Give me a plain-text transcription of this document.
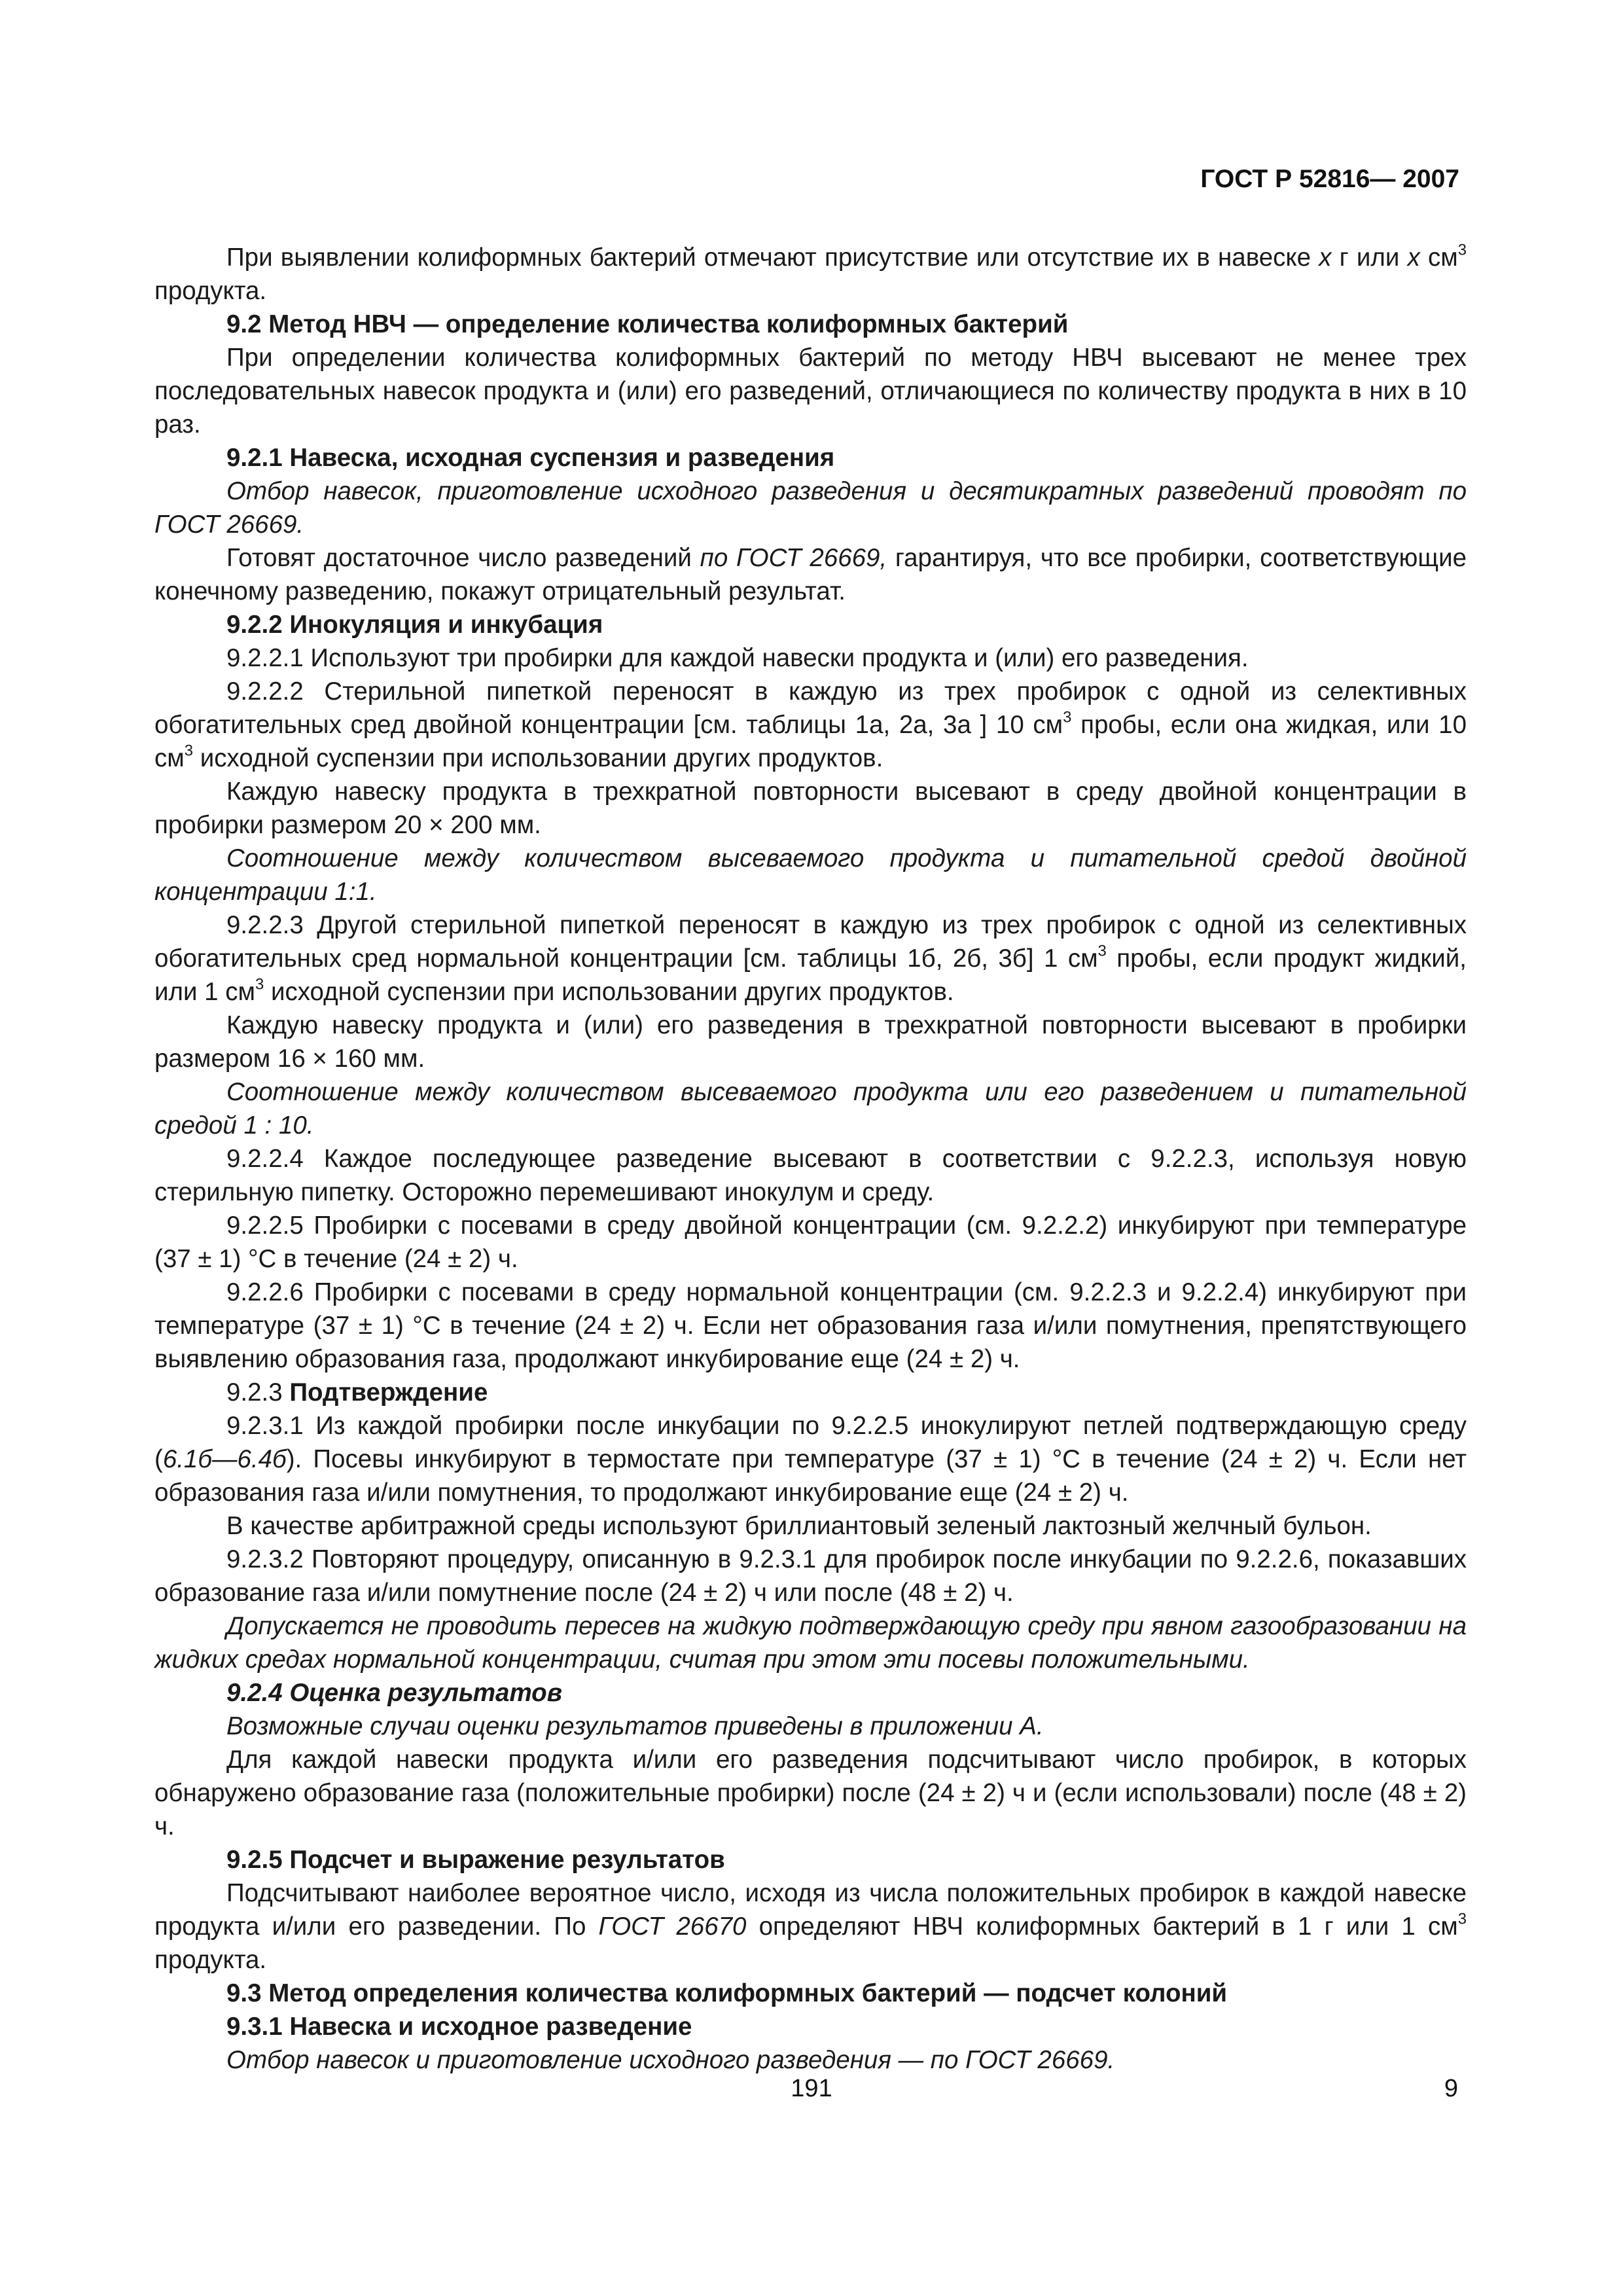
ГОСТ Р 52816— 2007

При выявлении колиформных бактерий отмечают присутствие или отсутствие их в навеске x г или x $см^3$ продукта.

9.2 Метод НВЧ — определение количества колиформных бактерий

При определении количества колиформных бактерий по методу НВЧ высевают не менее трех последовательных навесок продукта и (или) его разведений, отличающиеся по количеству продукта в них в 10 раз.

9.2.1 Навеска, исходная суспензия и разведения

Отбор навесок, приготовление исходного разведения и десятикратных разведений проводят по ГОСТ 26669.

Готовят достаточное число разведений по ГОСТ 26669, гарантируя, что все пробирки, соответствующие конечному разведению, покажут отрицательный результат.

9.2.2 Инокуляция и инкубация

9.2.2.1 Используют три пробирки для каждой навески продукта и (или) его разведения.

9.2.2.2 Стерильной пипеткой переносят в каждую из трех пробирок с одной из селективных обогатительных сред двойной концентрации [см. таблицы 1а, 2а, 3а ] 10 $см^3$ пробы, если она жидкая, или 10 $см^3$ исходной суспензии при использовании других продуктов.

Каждую навеску продукта в трехкратной повторности высевают в среду двойной концентрации в пробирки размером 20 × 200 мм.

Соотношение между количеством высеваемого продукта и питательной средой двойной концентрации 1:1.

9.2.2.3 Другой стерильной пипеткой переносят в каждую из трех пробирок с одной из селективных обогатительных сред нормальной концентрации [см. таблицы 1б, 2б, 3б] 1 $см^3$ пробы, если продукт жидкий, или 1 $см^3$ исходной суспензии при использовании других продуктов.

Каждую навеску продукта и (или) его разведения в трехкратной повторности высевают в пробирки размером 16 × 160 мм.

Соотношение между количеством высеваемого продукта или его разведением и питательной средой 1 : 10.

9.2.2.4 Каждое последующее разведение высевают в соответствии с 9.2.2.3, используя новую стерильную пипетку. Осторожно перемешивают инокулум и среду.

9.2.2.5 Пробирки с посевами в среду двойной концентрации (см. 9.2.2.2) инкубируют при температуре (37 ± 1) °С в течение (24 ± 2) ч.

9.2.2.6 Пробирки с посевами в среду нормальной концентрации (см. 9.2.2.3 и 9.2.2.4) инкубируют при температуре (37 ± 1) °С в течение (24 ± 2) ч. Если нет образования газа и/или помутнения, препятствующего выявлению образования газа, продолжают инкубирование еще (24 ± 2) ч.

9.2.3 Подтверждение

9.2.3.1 Из каждой пробирки после инкубации по 9.2.2.5 инокулируют петлей подтверждающую среду (6.1б—6.4б). Посевы инкубируют в термостате при температуре (37 ± 1) °С в течение (24 ± 2) ч. Если нет образования газа и/или помутнения, то продолжают инкубирование еще (24 ± 2) ч.

В качестве арбитражной среды используют бриллиантовый зеленый лактозный желчный бульон.

9.2.3.2 Повторяют процедуру, описанную в 9.2.3.1 для пробирок после инкубации по 9.2.2.6, показавших образование газа и/или помутнение после (24 ± 2) ч или после (48 ± 2) ч.

Допускается не проводить пересев на жидкую подтверждающую среду при явном газообразовании на жидких средах нормальной концентрации, считая при этом эти посевы положительными.

9.2.4 Оценка результатов

Возможные случаи оценки результатов приведены в приложении А.

Для каждой навески продукта и/или его разведения подсчитывают число пробирок, в которых обнаружено образование газа (положительные пробирки) после (24 ± 2) ч и (если использовали) после (48 ± 2) ч.

9.2.5 Подсчет и выражение результатов

Подсчитывают наиболее вероятное число, исходя из числа положительных пробирок в каждой навеске продукта и/или его разведении. По ГОСТ 26670 определяют НВЧ колиформных бактерий в 1 г или 1 $см^3$ продукта.

9.3 Метод определения количества колиформных бактерий — подсчет колоний

9.3.1 Навеска и исходное разведение

Отбор навесок и приготовление исходного разведения — по ГОСТ 26669.

191	9
